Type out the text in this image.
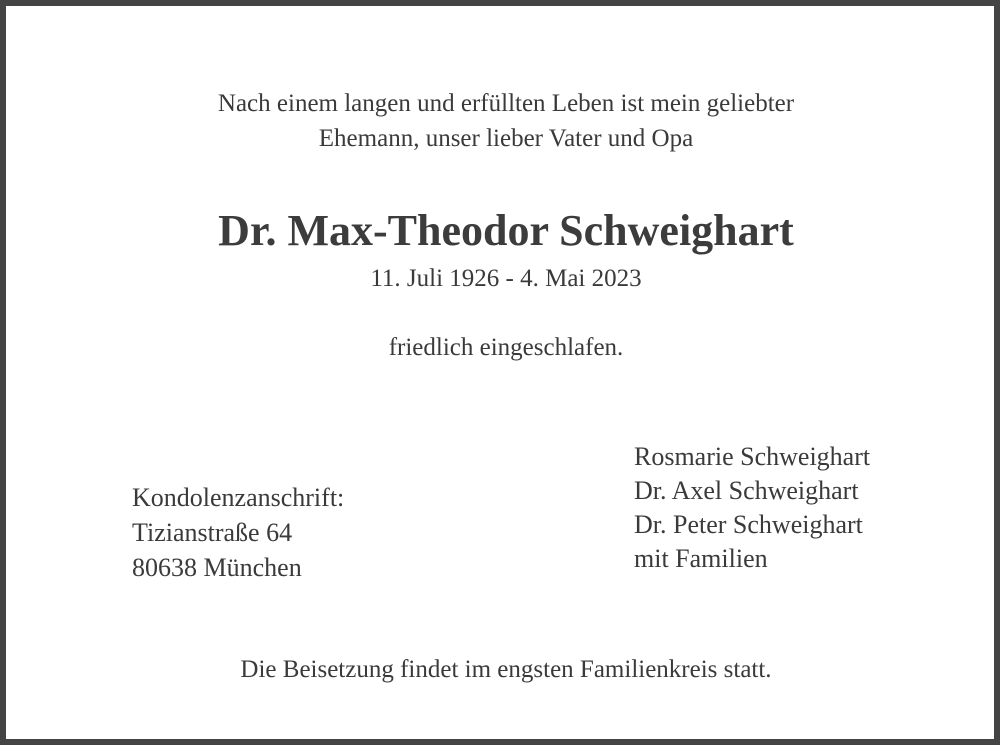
Nach einem langen und erfüllten Leben ist mein geliebter
Ehemann, unser lieber Vater und Opa
Dr. Max-Theodor Schweighart
11. Juli 1926 - 4. Mai 2023
friedlich eingeschlafen.
Kondolenzanschrift:
Tizianstraße 64
80638 München
Rosmarie Schweighart
Dr. Axel Schweighart
Dr. Peter Schweighart
mit Familien
Die Beisetzung findet im engsten Familienkreis statt.
